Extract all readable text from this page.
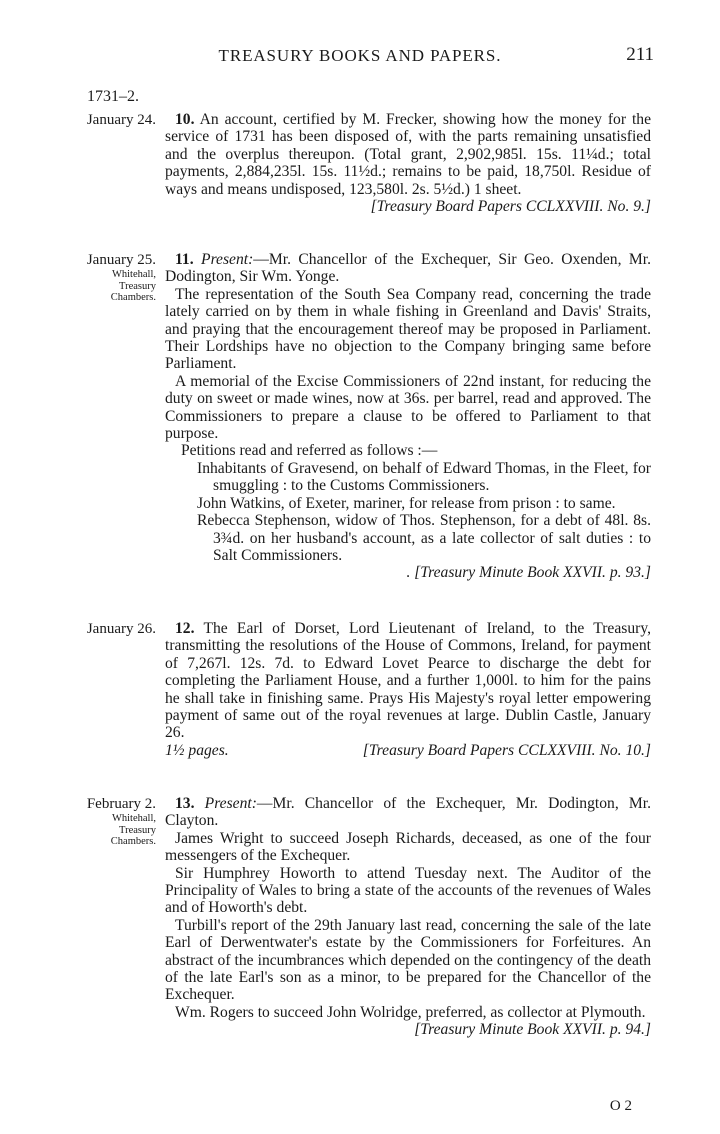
TREASURY BOOKS AND PAPERS.	211
1731–2.
January 24.	10. An account, certified by M. Frecker, showing how the money for the service of 1731 has been disposed of, with the parts remaining unsatisfied and the overplus thereupon. (Total grant, 2,902,985l. 15s. 11¼d.; total payments, 2,884,235l. 15s. 11½d.; remains to be paid, 18,750l. Residue of ways and means undisposed, 123,580l. 2s. 5½d.) 1 sheet.

[Treasury Board Papers CCLXXVIII. No. 9.]
January 25.
Whitehall,
Treasury
Chambers.

11. Present:—Mr. Chancellor of the Exchequer, Sir Geo. Oxenden, Mr. Dodington, Sir Wm. Yonge.

The representation of the South Sea Company read, concerning the trade lately carried on by them in whale fishing in Greenland and Davis' Straits, and praying that the encouragement thereof may be proposed in Parliament. Their Lordships have no objection to the Company bringing same before Parliament.

A memorial of the Excise Commissioners of 22nd instant, for reducing the duty on sweet or made wines, now at 36s. per barrel, read and approved. The Commissioners to prepare a clause to be offered to Parliament to that purpose.

Petitions read and referred as follows :—
Inhabitants of Gravesend, on behalf of Edward Thomas, in the Fleet, for smuggling : to the Customs Commissioners.
John Watkins, of Exeter, mariner, for release from prison : to same.
Rebecca Stephenson, widow of Thos. Stephenson, for a debt of 48l. 8s. 3¾d. on her husband's account, as a late collector of salt duties : to Salt Commissioners.
. [Treasury Minute Book XXVII. p. 93.]
January 26.	12. The Earl of Dorset, Lord Lieutenant of Ireland, to the Treasury, transmitting the resolutions of the House of Commons, Ireland, for payment of 7,267l. 12s. 7d. to Edward Lovet Pearce to discharge the debt for completing the Parliament House, and a further 1,000l. to him for the pains he shall take in finishing same. Prays His Majesty's royal letter empowering payment of same out of the royal revenues at large. Dublin Castle, January 26.

1½ pages.	[Treasury Board Papers CCLXXVIII. No. 10.]
February 2.
Whitehall,
Treasury
Chambers.

13. Present:—Mr. Chancellor of the Exchequer, Mr. Dodington, Mr. Clayton.

James Wright to succeed Joseph Richards, deceased, as one of the four messengers of the Exchequer.

Sir Humphrey Howorth to attend Tuesday next. The Auditor of the Principality of Wales to bring a state of the accounts of the revenues of Wales and of Howorth's debt.

Turbill's report of the 29th January last read, concerning the sale of the late Earl of Derwentwater's estate by the Commissioners for Forfeitures. An abstract of the incumbrances which depended on the contingency of the death of the late Earl's son as a minor, to be prepared for the Chancellor of the Exchequer.

Wm. Rogers to succeed John Wolridge, preferred, as collector at Plymouth.

[Treasury Minute Book XXVII. p. 94.]
O 2
